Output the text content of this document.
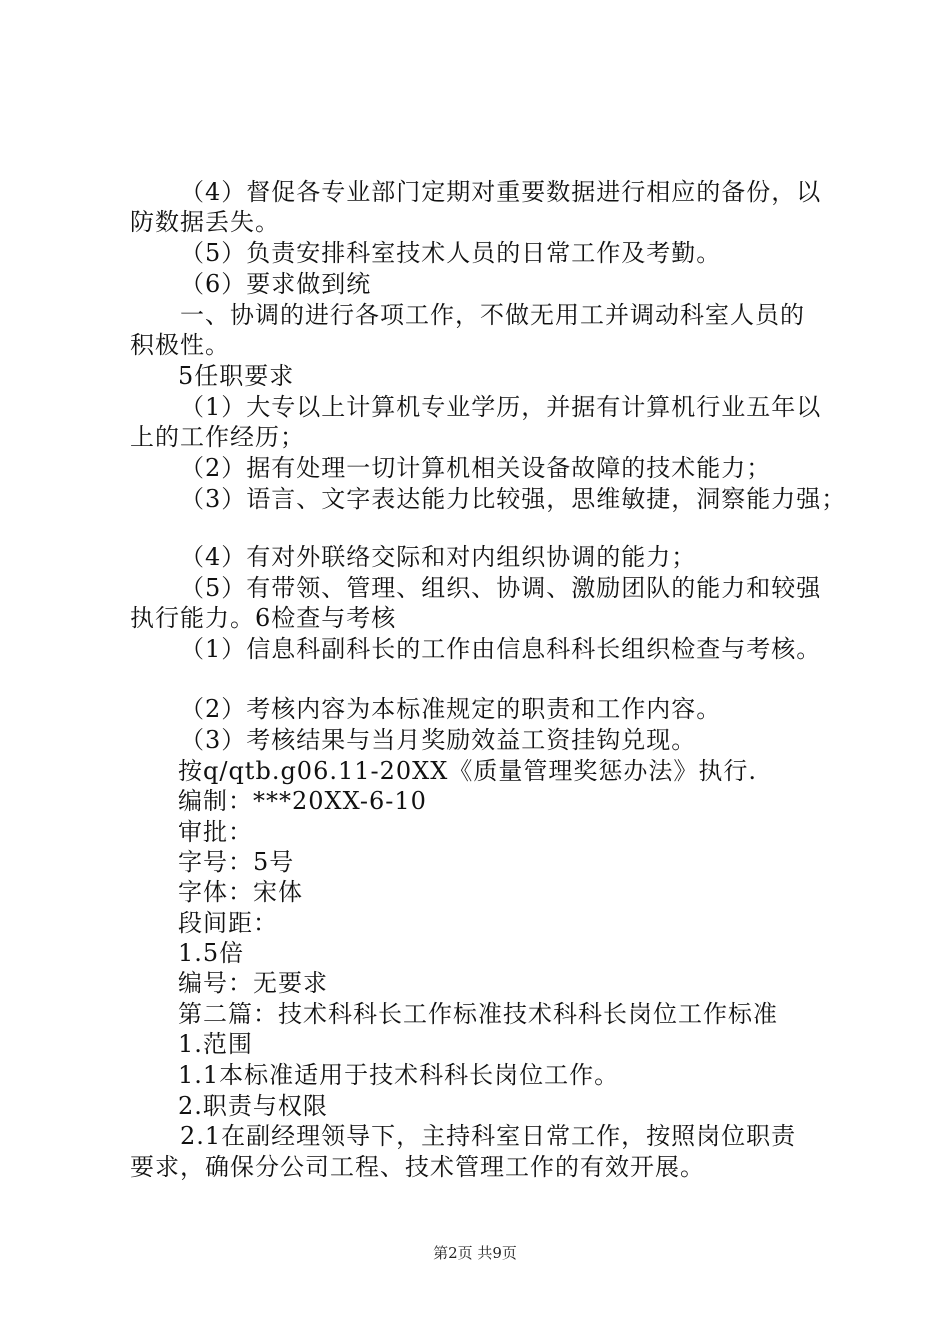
（4）督促各专业部门定期对重要数据进行相应的备份，以
防数据丢失。
（5）负责安排科室技术人员的日常工作及考勤。
（6）要求做到统
一、协调的进行各项工作，不做无用工并调动科室人员的
积极性。
5任职要求
（1）大专以上计算机专业学历，并据有计算机行业五年以
上的工作经历；
（2）据有处理一切计算机相关设备故障的技术能力；
（3）语言、文字表达能力比较强，思维敏捷，洞察能力强；
（4）有对外联络交际和对内组织协调的能力；
（5）有带领、管理、组织、协调、激励团队的能力和较强
执行能力。6检查与考核
（1）信息科副科长的工作由信息科科长组织检查与考核。
（2）考核内容为本标准规定的职责和工作内容。
（3）考核结果与当月奖励效益工资挂钩兑现。
按q/qtb.g06.11-20XX《质量管理奖惩办法》执行.
编制：***20XX-6-10
审批：
字号：5号
字体：宋体
段间距：
1.5倍
编号：无要求
第二篇：技术科科长工作标准技术科科长岗位工作标准
1.范围
1.1本标准适用于技术科科长岗位工作。
2.职责与权限
2.1在副经理领导下，主持科室日常工作，按照岗位职责
要求，确保分公司工程、技术管理工作的有效开展。
第2页 共9页
